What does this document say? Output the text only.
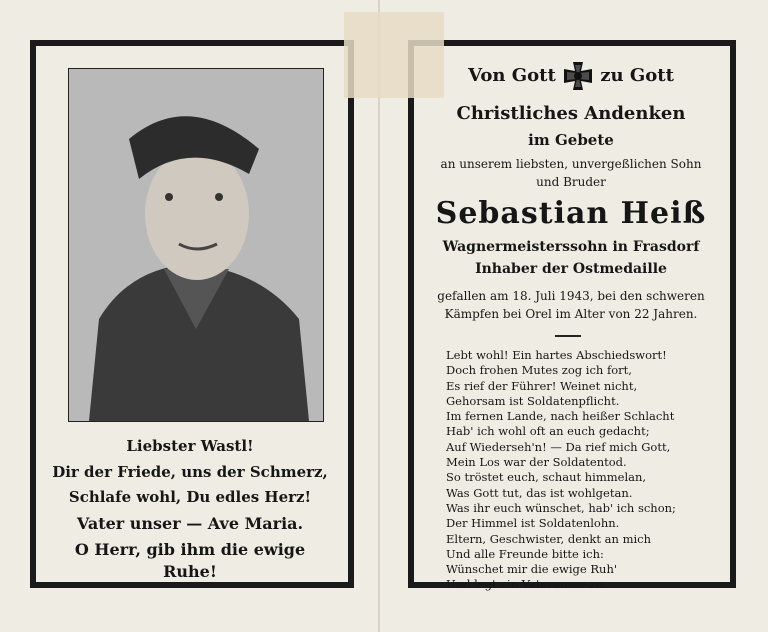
Liebster Wastl!
Dir der Friede, uns der Schmerz,
Schlafe wohl, Du edles Herz!
Vater unser — Ave Maria.
O Herr, gib ihm die ewige
Ruhe!
Von Gott zu Gott
Christliches Andenken
im Gebete
an unserem liebsten, unvergeßlichen Sohn
und Bruder
Sebastian Heiß
Wagnermeisterssohn in Frasdorf
Inhaber der Ostmedaille
gefallen am 18. Juli 1943, bei den schweren
Kämpfen bei Orel im Alter von 22 Jahren.
Lebt wohl! Ein hartes Abschiedswort!
Doch frohen Mutes zog ich fort,
Es rief der Führer! Weinet nicht,
Gehorsam ist Soldatenpflicht.
Im fernen Lande, nach heißer Schlacht
Hab' ich wohl oft an euch gedacht;
Auf Wiederseh'n! — Da rief mich Gott,
Mein Los war der Soldatentod.
So tröstet euch, schaut himmelan,
Was Gott tut, das ist wohlgetan.
Was ihr euch wünschet, hab' ich schon;
Der Himmel ist Soldatenlohn.
Eltern, Geschwister, denkt an mich
Und alle Freunde bitte ich:
Wünschet mir die ewige Ruh'
Und legt ein Vaterunser zu.
